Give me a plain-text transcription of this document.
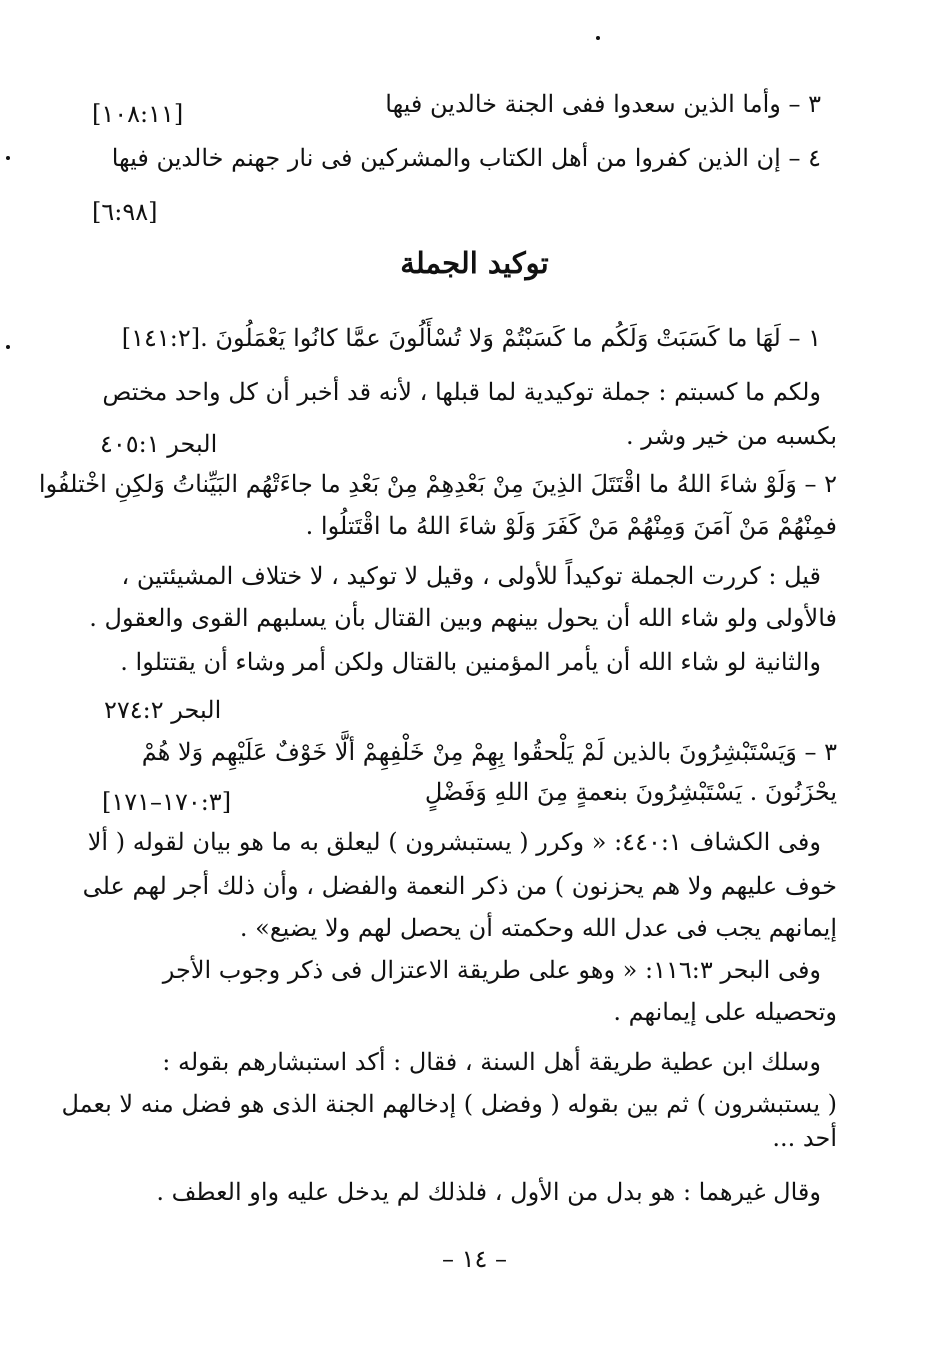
٣ – وأما الذين سعدوا ففى الجنة خالدين فيها
[١٠٨:١١]
٤ – إن الذين كفروا من أهل الكتاب والمشركين فى نار جهنم خالدين فيها
[٦:٩٨]
توكيد الجملة
١ – لَهَا ما كَسَبَتْ وَلَكُم ما كَسَبْتُمْ وَلا تُسْأَلُونَ عمَّا كانُوا يَعْمَلُونَ .[١٤١:٢]
ولكم ما كسبتم : جملة توكيدية لما قبلها ، لأنه قد أخبر أن كل واحد مختص
بكسبه من خير وشر .
البحر ٤٠٥:١
٢ – وَلَوْ شاءَ اللهُ ما اقْتَتَلَ الذِينَ مِنْ بَعْدِهِمْ مِنْ بَعْدِ ما جاءَتْهُم البَيِّناتُ وَلكِنِ اخْتلفُوا
فمِنْهُمْ مَنْ آمَنَ وَمِنْهُمْ مَنْ كَفَرَ وَلَوْ شاءَ اللهُ ما اقْتَتلُوا .
قيل : كررت الجملة توكيداً للأولى ، وقيل لا توكيد ، لا ختلاف المشيئتين ،
فالأولى ولو شاء الله أن يحول بينهم وبين القتال بأن يسلبهم القوى والعقول .
والثانية لو شاء الله أن يأمر المؤمنين بالقتال ولكن أمر وشاء أن يقتتلوا .
البحر ٢٧٤:٢
٣ – وَيَسْتَبْشِرُونَ بالذين لَمْ يَلْحقُوا بِهِمْ مِنْ خَلْفِهِمْ ألَّا خَوْفٌ عَلَيْهِم وَلا هُمْ
يحْزَنُونَ . يَسْتَبْشِرُونَ بنعمةٍ مِنَ اللهِ وَفَضْلٍ
[١٧٠:٣–١٧١]
وفى الكشاف ٤٤٠:١: « وكرر ( يستبشرون ) ليعلق به ما هو بيان لقوله ( ألا
خوف عليهم ولا هم يحزنون ) من ذكر النعمة والفضل ، وأن ذلك أجر لهم على
إيمانهم يجب فى عدل الله وحكمته أن يحصل لهم ولا يضيع» .
وفى البحر ١١٦:٣: « وهو على طريقة الاعتزال فى ذكر وجوب الأجر
وتحصيله على إيمانهم .
وسلك ابن عطية طريقة أهل السنة ، فقال : أكد استبشارهم بقوله :
( يستبشرون ) ثم بين بقوله ( وفضل ) إدخالهم الجنة الذى هو فضل منه لا بعمل
أحد ...
وقال غيرهما : هو بدل من الأول ، فلذلك لم يدخل عليه واو العطف .
– ١٤ –
